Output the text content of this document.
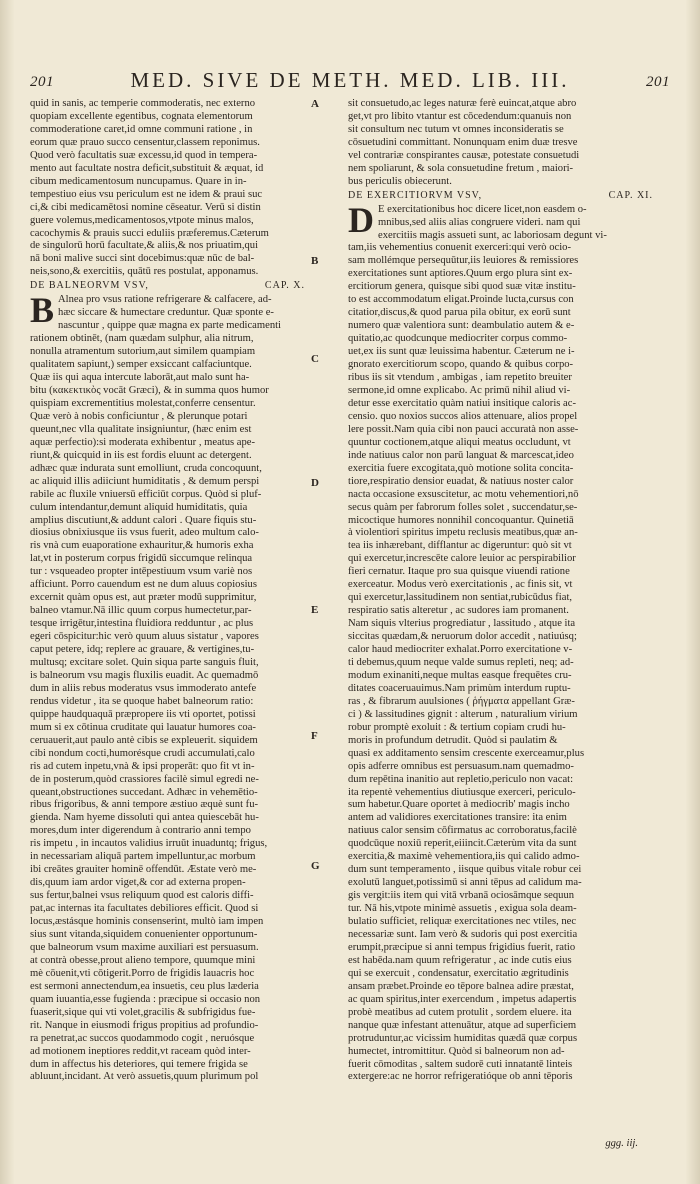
201	MED. SIVE DE METH. MED. LIB. III.	201
quid in sanis, ac temperie commoderatis, nec externo
quopiam excellente egentibus, cognata elementorum
commoderatione caret,id omne communi ratione , in
eorum quæ prauo succo censentur,classem reponimus.
Quod verò facultatis suæ excessu,id quod in tempera-
mento aut facultate nostra deficit,substituit & æquat, id
cibum medicamentosum nuncupamus. Quare in in-
tempestiuo eius vsu periculum est ne idem & praui suc
ci,& cibi medicamētosi nomine cēseatur. Verū si distin
guere volemus,medicamentosos,vtpote minus malos,
cacochymis & prauis succi eduliis præferemus.Cæterum
de singulorū horū facultate,& aliis,& nos priuatim,qui
nā boni malive succi sint docebimus:quæ nūc de bal-
neis,sono,& exercitiis, quātū res postulat, apponamus.
DE BALNEORVM VSV,	CAP. X.
B Alnea pro vsus ratione refrigerare & calfacere, ad-
hæc siccare & humectare creduntur. Quæ sponte e-
nascuntur , quippe quæ magna ex parte medicamenti
rationem obtinēt, (nam quædam sulphur, alia nitrum,
nonulla atramentum sutorium,aut similem quampiam
qualitatem sapiunt,) semper exsiccant calfaciuntque.
Quæ iis qui aqua intercute laborāt,aut malo sunt ha-
bitu (κακεκτικὸς vocāt Græci), & in summa quos humor
quispiam excrementitius molestat,conferre censentur.
Quæ verò à nobis conficiuntur , & plerunque potari
queunt,nec vlla qualitate insigniuntur, (hæc enim est
aquæ perfectio):si moderata exhibentur , meatus ape-
riunt,& quicquid in iis est fordis eluunt ac detergent.
adhæc quæ indurata sunt emolliunt, cruda concoquunt,
ac aliquid illis adiiciunt humiditatis , & demum perspi
rabile ac fluxile vniuersū efficiūt corpus. Quòd si pluf-
culum intendantur,demunt aliquid humiditatis, quia
amplius discutiunt,& addunt calori . Quare fiquis stu-
diosius obnixiusque iis vsus fuerit, adeo multum calo-
ris vnà cum euaporatione exhauritur,& humoris exha
lat,vt in posterum corpus frigidū siccumque relinqua
tur : vsqueadeo propter intēpestiuum vsum variè nos
afficiunt. Porro cauendum est ne dum aluus copiosius
excernit quàm opus est, aut præter modū supprimitur,
balneo vtamur.Nā illic quum corpus humectetur,par-
tesque irrigētur,intestina fluidiora redduntur , ac plus
egeri cōspicitur:hic verò quum aluus sistatur , vapores
caput petere, idq; replere ac grauare, & vertigines,tu-
multusq; excitare solet. Quin siqua parte sanguis fluit,
is balneorum vsu magis fluxilis euadit. Ac quemadmō
dum in aliis rebus moderatus vsus immoderato antefe
rendus videtur , ita se quoque habet balneorum ratio:
quippe haudquaquā præpropere iis vti oportet, potissi
mum si ex cōtinua cruditate qui lauatur humores coa-
ceruauerit,aut paulo antè cibis se expleuerit. siquidem
cibi nondum cocti,humorésque crudi accumulati,calo
ris ad cutem inpetu,vnà & ipsi properāt: quo fit vt in-
de in posterum,quòd crassiores facilè simul egredi ne-
queant,obstructiones succedant. Adhæc in vehemētio-
ribus frigoribus, & anni tempore æstiuo æquè sunt fu-
gienda. Nam hyeme dissoluti qui antea quiescebāt hu-
mores,dum inter digerendum à contrario anni tempo
ris impetu , in incautos validius irruūt inuaduntq; frigus,
in necessariam aliquā partem impelluntur,ac morbum
ibi creātes grauiter hominē offendūt. Æstate verò me-
dis,quum iam ardor viget,& cor ad externa propen-
sus fertur,balnei vsus reliquum quod est caloris diffi-
pat,ac internas ita facultates debiliores efficit. Quod si
locus,æstásque hominis consenserint, multò iam impen
sius sunt vitanda,siquidem conuenienter opportunum-
que balneorum vsum maxime auxiliari est persuasum.
at contrà obesse,prout alieno tempore, quumque mini
mè cōuenit,vti cōtigerit.Porro de frigidis lauacris hoc
est sermoni annectendum,ea insuetis, ceu plus læderia
quam iuuantia,esse fugienda : præcipue si occasio non
fuaserit,sique qui vti volet,gracilis & subfrigidus fue-
rit. Nanque in eiusmodi frigus propitius ad profundio-
ra penetrat,ac succos quodammodo cogit , neruósque
ad motionem ineptiores reddit,vt raceam quòd inter-
dum in affectus his deteriores, qui temere frigida se
abluunt,incidant. At verò assuetis,quum plurimum pol
sit consuetudo,ac leges naturæ ferè euincat,atque abro
get,vt pro libito vtantur est cōcedendum:quanuis non
sit consultum nec tutum vt omnes inconsideratis se
cōsuetudini committant. Nonunquam enim duæ tresve
vel contrariæ conspirantes causæ, potestate consuetudi
nem spoliarunt, & sola consuetudine fretum , maiori-
bus periculis obiecerunt.
DE EXERCITIORVM VSV,	CAP. XI.
D E exercitationibus hoc dicere licet,non easdem o-
mnibus,sed aliis alias congruere videri. nam qui
exercitiis magis assueti sunt, ac laboriosam degunt vi-
tam,iis vehementius conuenit exerceri:qui verò ocio-
sam mollémque persequūtur,iis leuiores & remissiores
exercitationes sunt aptiores.Quum ergo plura sint ex-
ercitiorum genera, quisque sibi quod suæ vitæ institu-
to est accommodatum eligat.Proinde lucta,cursus con
citatior,discus,& quod parua pila obitur, ex eorū sunt
numero quæ valentiora sunt: deambulatio autem & e-
quitatio,ac quodcunque mediocriter corpus commo-
uet,ex iis sunt quæ leuissima habentur. Cæterum ne i-
gnorato exercitiorum scopo, quando & quibus corpo-
ribus iis sit vtendum , ambigas , iam repetito breuiter
sermone,id omne explicabo. Ac primū nihil aliud vi-
detur esse exercitatio quàm natiui insitique caloris ac-
censio. quo noxios succos alios attenuare, alios propel
lere possit.Nam quia cibi non pauci accuratà non asse-
quuntur coctionem,atque aliqui meatus occludunt, vt
inde natiuus calor non parū languat & marcescat,ideo
exercitia fuere excogitata,quò motione solita concita-
tiore,respiratio densior euadat, & natiuus noster calor
nacta occasione exsuscitetur, ac motu vehementiori,nō
secus quàm per fabrorum folles solet , succendatur,se-
micoctique humores nonnihil concoquantur. Quinetiā
à violentiori spiritus impetu reclusis meatibus,quæ an-
tea iis inhærebant, difflantur ac digeruntur: quò sit vt
qui exercetur,increscēte calore leuior ac perspirabilior
fieri cernatur. Itaque pro sua quisque viuendi ratione
exerceatur. Modus verò exercitationis , ac finis sit, vt
qui exercetur,lassitudinem non sentiat,rubicūdus fiat,
respiratio satis alteretur , ac sudores iam promanent.
Nam siquis vlterius progrediatur , lassitudo , atque ita
siccitas quædam,& neruorum dolor accedit , natiuúsq;
calor haud mediocriter exhalat.Porro exercitatione v-
ti debemus,quum neque valde sumus repleti, neq; ad-
modum exinaniti,neque multas easque frequētes cru-
ditates coaceruauimus.Nam primùm interdum ruptu-
ras , & fibrarum auulsiones ( ῥήγματα appellant Græ-
ci ) & lassitudines gignit : alterum , naturalium virium
robur promptè exoluit : & tertium copiam crudi hu-
moris in profundum detrudit. Quòd si paulatim &
quasi ex additamento sensim crescente exerceamur,plus
opis adferre omnibus est persuasum.nam quemadmo-
dum repētina inanitio aut repletio,periculo non vacat:
ita repentè vehementius diutiusque exerceri, periculo-
sum habetur.Quare oportet à mediocrib' magis incho
antem ad validiores exercitationes transire: ita enim
natiuus calor sensim cōfirmatus ac corroboratus,facilè
quodcūque noxiū reperit,eiiincit.Cæterùm vita da sunt
exercitia,& maximè vehementiora,iis qui calido admo-
dum sunt temperamento , iisque quibus vitale robur cei
exolutū languet,potissimū si anni tēpus ad calidum ma-
gis vergit:iis item qui vitā vrbanā ociosāmque sequun
tur. Nā his,vtpote minimè assuetis , exigua sola deam-
bulatio sufficiet, reliquæ exercitationes nec vtiles, nec
necessariæ sunt. Iam verò & sudoris qui post exercitia
erumpit,præcipue si anni tempus frigidius fuerit, ratio
est habēda.nam quum refrigeratur , ac inde cutis eius
qui se exercuit , condensatur, exercitatio ægritudinis
ansam præbet.Proinde eo tēpore balnea adire præstat,
ac quam spiritus,inter exercendum , impetus adapertis
probè meatibus ad cutem protulit , sordem eluere. ita
nanque quæ infestant attenuātur, atque ad superficiem
protruduntur,ac vicissim humiditas quædā quæ corpus
humectet, intromittitur. Quòd si balneorum non ad-
fuerit cōmoditas , saltem sudorē cuti innatantē linteis
extergere:ac ne horror refrigeratióque ob anni tēporis
A
B
C
D
E
F
G
ggg. iij.
